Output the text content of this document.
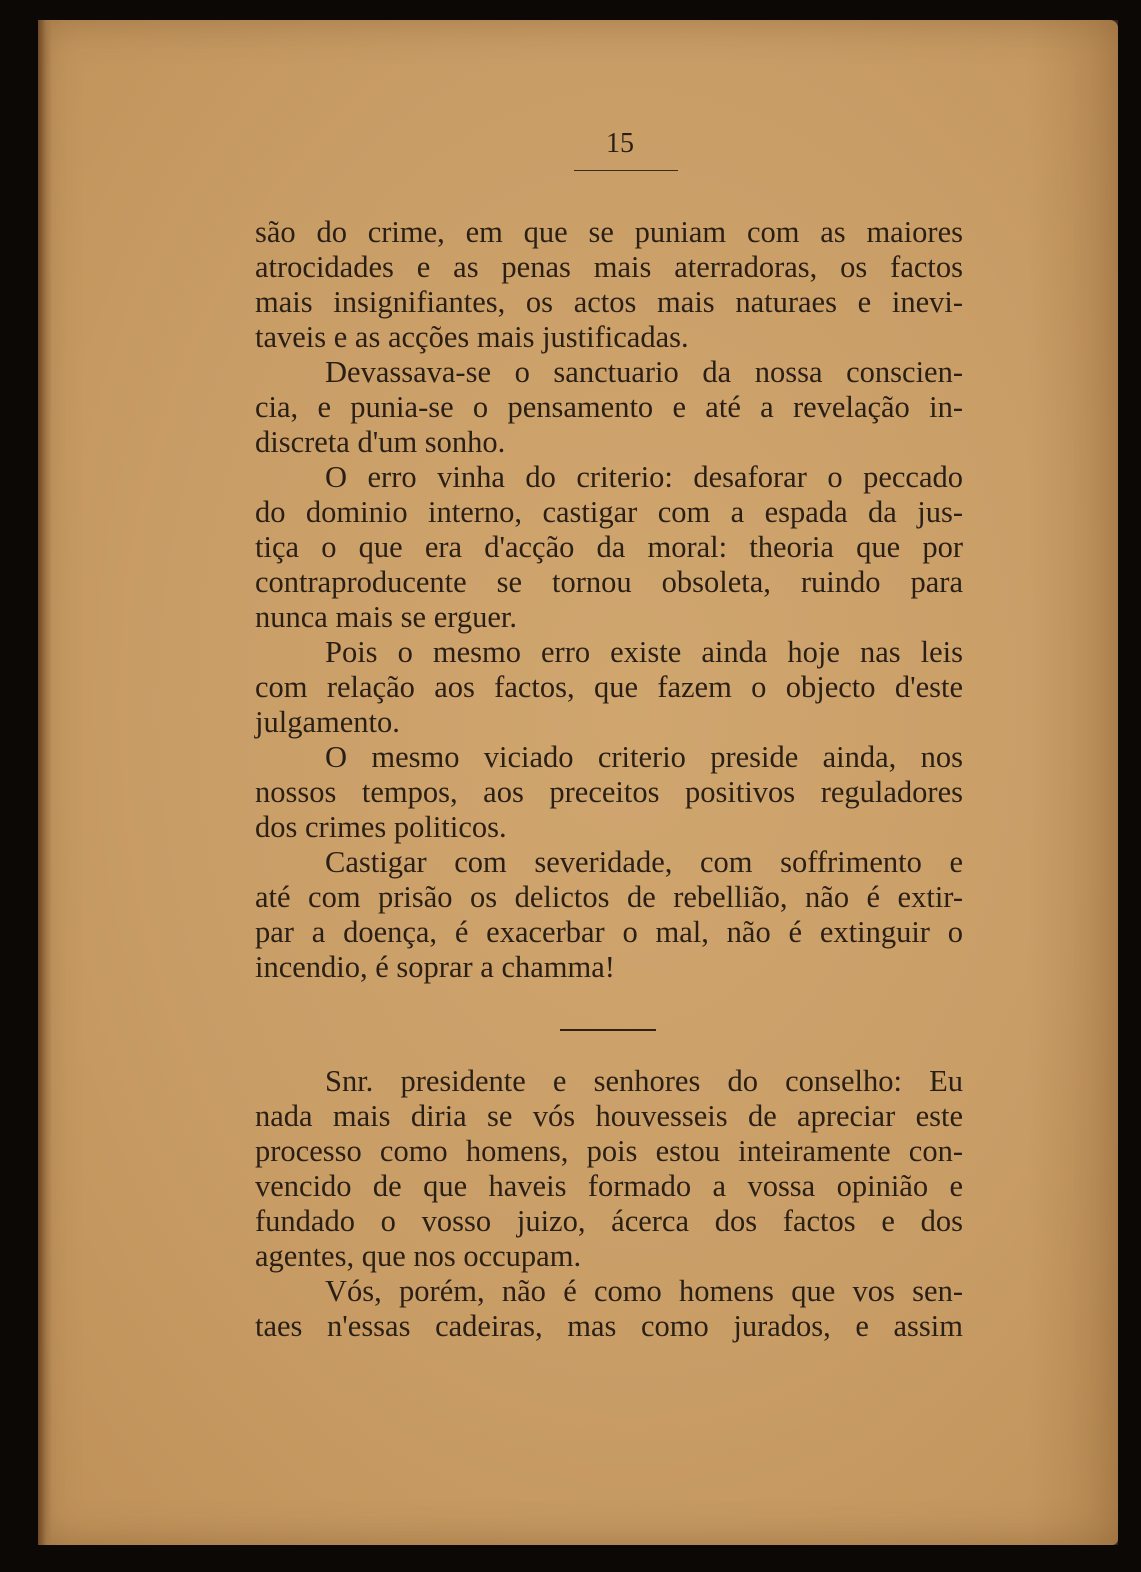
15
são do crime, em que se puniam com as maiores
atrocidades e as penas mais aterradoras, os factos
mais insignifiantes, os actos mais naturaes e inevi-
taveis e as acções mais justificadas.
Devassava-se o sanctuario da nossa conscien-
cia, e punia-se o pensamento e até a revelação in-
discreta d'um sonho.
O erro vinha do criterio: desaforar o peccado
do dominio interno, castigar com a espada da jus-
tiça o que era d'acção da moral: theoria que por
contraproducente se tornou obsoleta, ruindo para
nunca mais se erguer.
Pois o mesmo erro existe ainda hoje nas leis
com relação aos factos, que fazem o objecto d'este
julgamento.
O mesmo viciado criterio preside ainda, nos
nossos tempos, aos preceitos positivos reguladores
dos crimes politicos.
Castigar com severidade, com soffrimento e
até com prisão os delictos de rebellião, não é extir-
par a doença, é exacerbar o mal, não é extinguir o
incendio, é soprar a chamma!
Snr. presidente e senhores do conselho: Eu
nada mais diria se vós houvesseis de apreciar este
processo como homens, pois estou inteiramente con-
vencido de que haveis formado a vossa opinião e
fundado o vosso juizo, ácerca dos factos e dos
agentes, que nos occupam.
Vós, porém, não é como homens que vos sen-
taes n'essas cadeiras, mas como jurados, e assim
